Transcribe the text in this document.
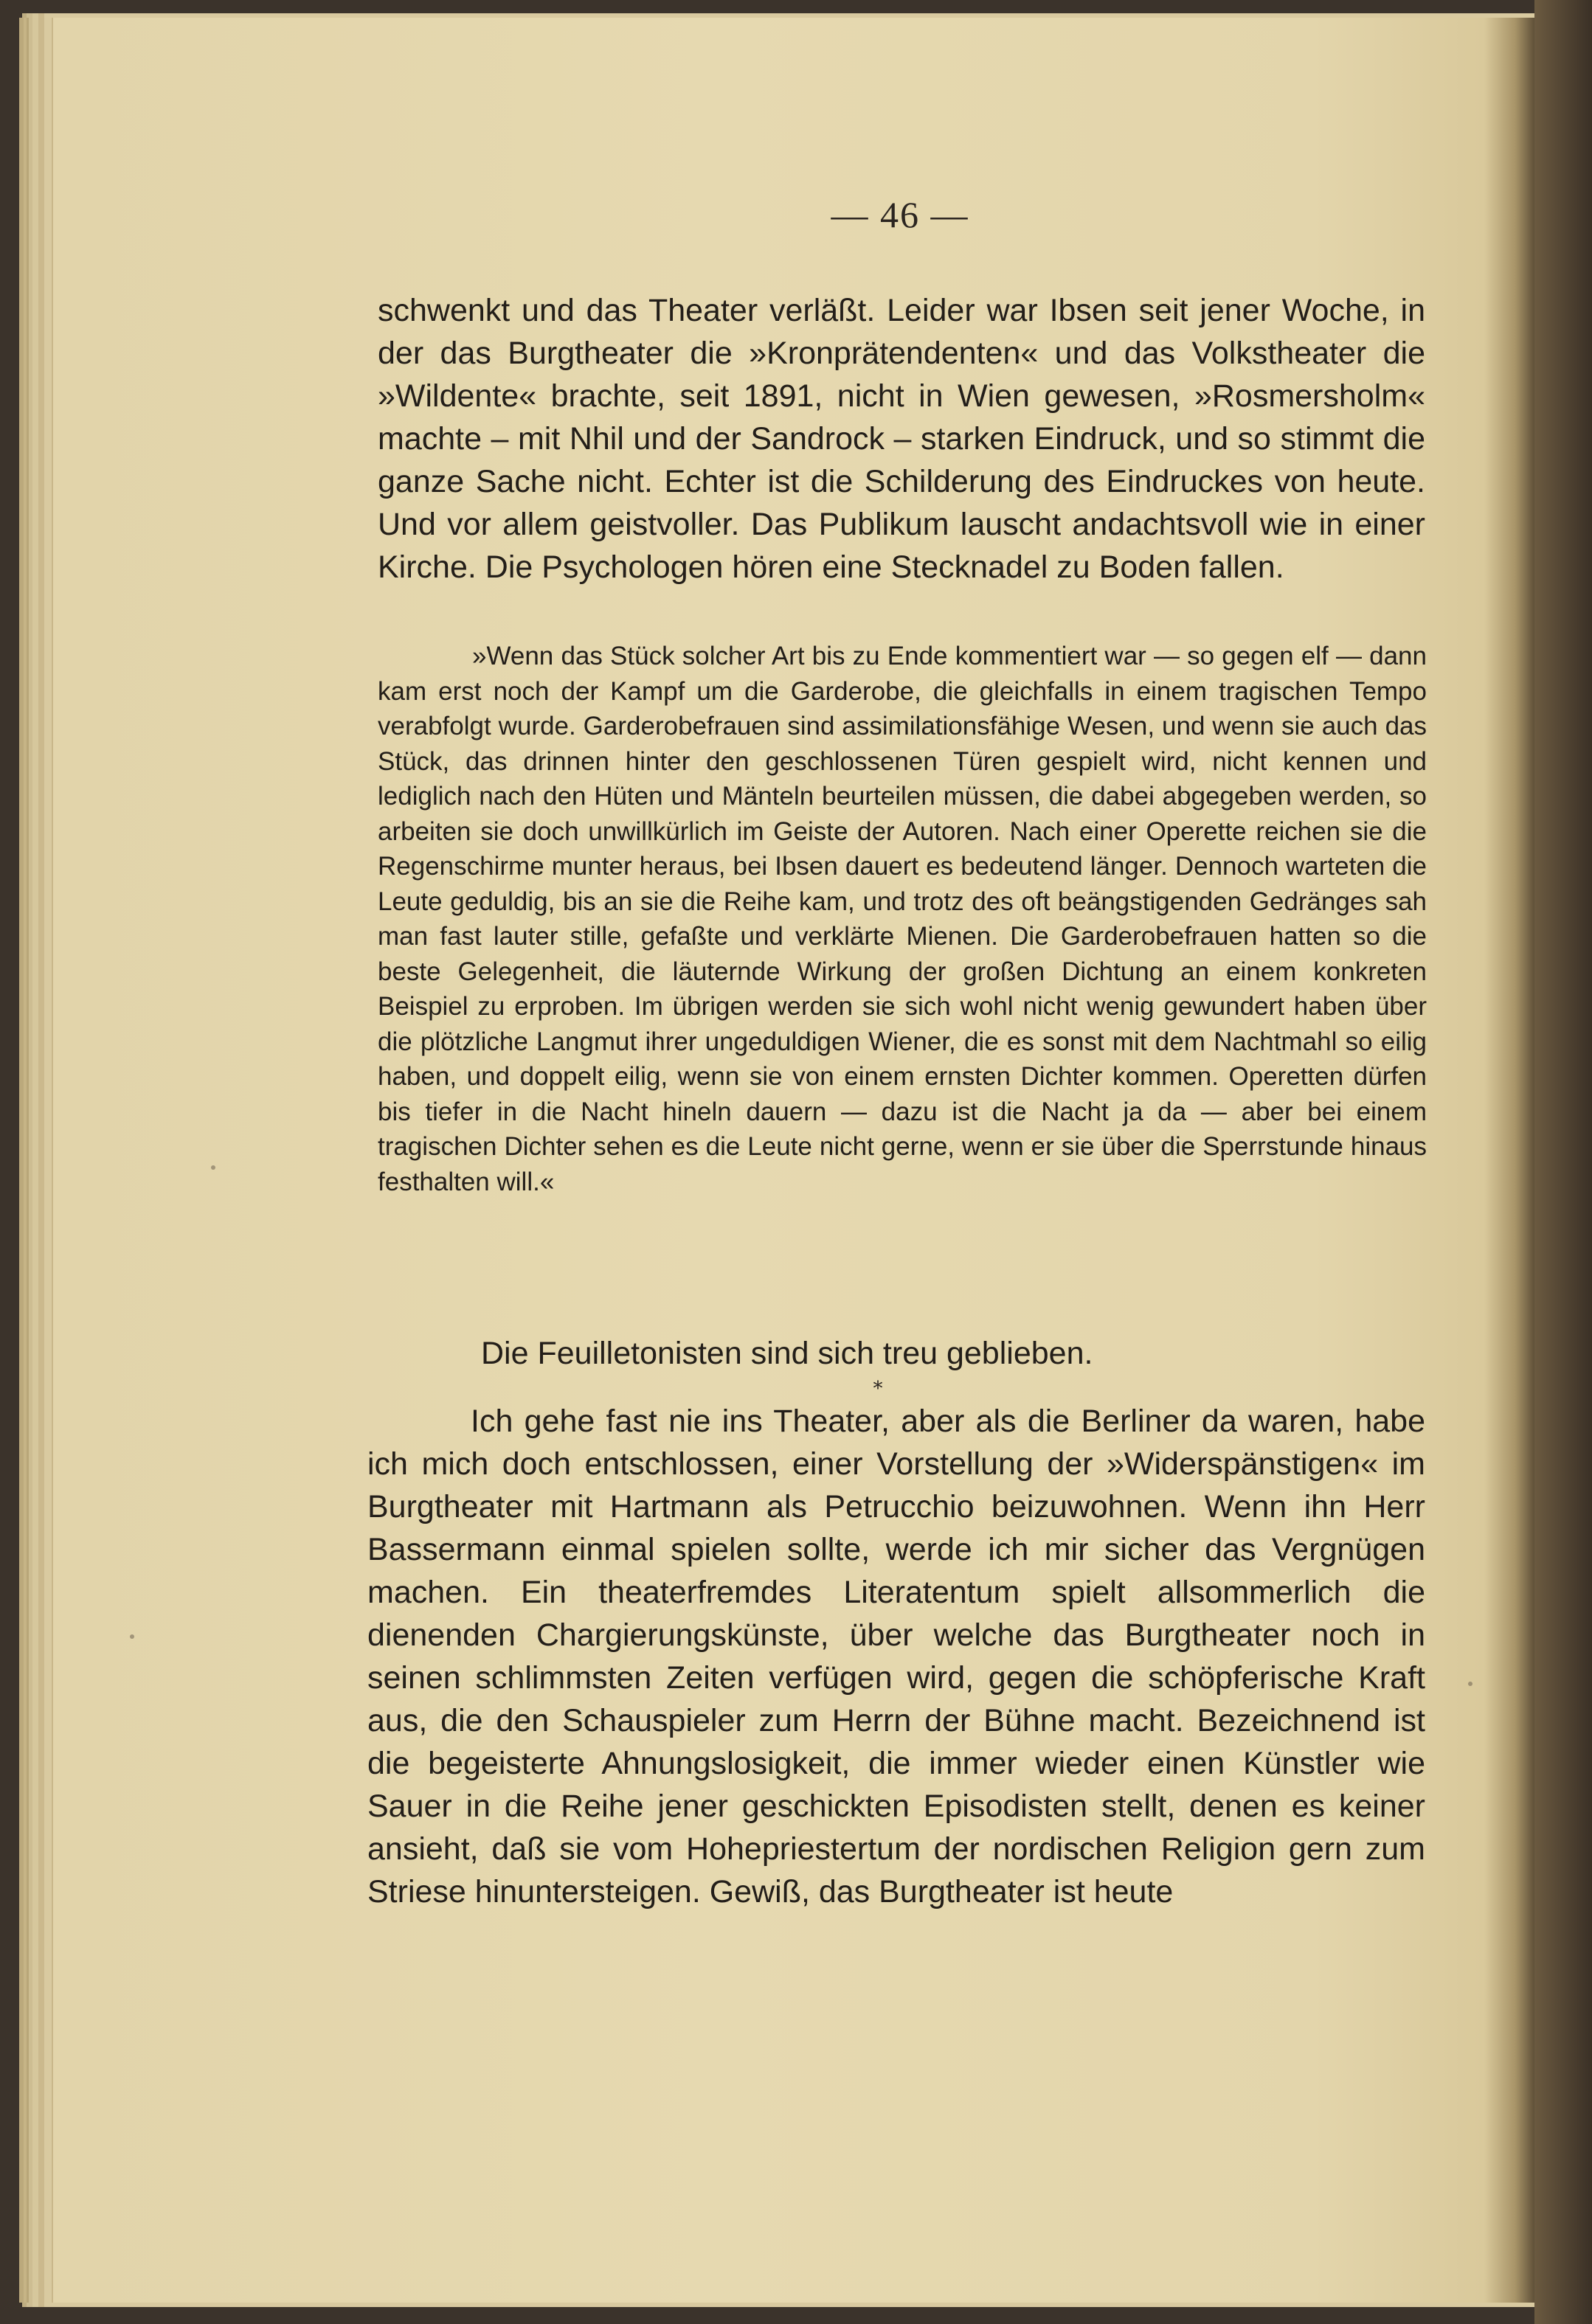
— 46 —

schwenkt und das Theater verläßt. Leider war Ibsen seit jener Woche, in der das Burgtheater die »Kronprätendenten« und das Volkstheater die »Wildente« brachte, seit 1891, nicht in Wien gewesen, »Rosmersholm« machte – mit Nhil und der Sandrock – starken Eindruck, und so stimmt die ganze Sache nicht. Echter ist die Schilderung des Eindruckes von heute. Und vor allem geistvoller. Das Publikum lauscht andachtsvoll wie in einer Kirche. Die Psychologen hören eine Stecknadel zu Boden fallen.

»Wenn das Stück solcher Art bis zu Ende kommentiert war — so gegen elf — dann kam erst noch der Kampf um die Garderobe, die gleichfalls in einem tragischen Tempo verabfolgt wurde. Garderobefrauen sind assimilationsfähige Wesen, und wenn sie auch das Stück, das drinnen hinter den geschlossenen Türen gespielt wird, nicht kennen und lediglich nach den Hüten und Mänteln beurteilen müssen, die dabei abgegeben werden, so arbeiten sie doch unwillkürlich im Geiste der Autoren. Nach einer Operette reichen sie die Regenschirme munter heraus, bei Ibsen dauert es bedeutend länger. Dennoch warteten die Leute geduldig, bis an sie die Reihe kam, und trotz des oft beängstigenden Gedränges sah man fast lauter stille, gefaßte und verklärte Mienen. Die Garderobefrauen hatten so die beste Gelegenheit, die läuternde Wirkung der großen Dichtung an einem konkreten Beispiel zu erproben. Im übrigen werden sie sich wohl nicht wenig gewundert haben über die plötzliche Langmut ihrer ungeduldigen Wiener, die es sonst mit dem Nachtmahl so eilig haben, und doppelt eilig, wenn sie von einem ernsten Dichter kommen. Operetten dürfen bis tiefer in die Nacht hineln dauern — dazu ist die Nacht ja da — aber bei einem tragischen Dichter sehen es die Leute nicht gerne, wenn er sie über die Sperrstunde hinaus festhalten will.«

Die Feuilletonisten sind sich treu geblieben.

*

Ich gehe fast nie ins Theater, aber als die Berliner da waren, habe ich mich doch entschlossen, einer Vorstellung der »Widerspänstigen« im Burgtheater mit Hartmann als Petrucchio beizuwohnen. Wenn ihn Herr Bassermann einmal spielen sollte, werde ich mir sicher das Vergnügen machen. Ein theaterfremdes Literatentum spielt allsommerlich die dienenden Chargierungskünste, über welche das Burgtheater noch in seinen schlimmsten Zeiten verfügen wird, gegen die schöpferische Kraft aus, die den Schauspieler zum Herrn der Bühne macht. Bezeichnend ist die begeisterte Ahnungslosigkeit, die immer wieder einen Künstler wie Sauer in die Reihe jener geschickten Episodisten stellt, denen es keiner ansieht, daß sie vom Hohepriestertum der nordischen Religion gern zum Striese hinuntersteigen. Gewiß, das Burgtheater ist heute
